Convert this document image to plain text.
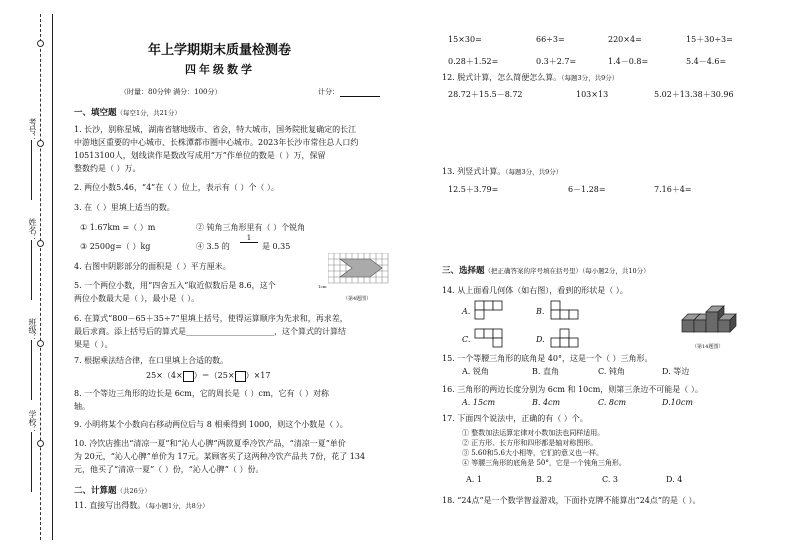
考号：
姓名：
班级：
学校：
年上学期期末质量检测卷
四年级数学
（时量：80分钟 满分：100分）	计分：
一、填空题（每空1分，共21分）
1. 长沙，别称星城，湖南省辖地级市、省会，特大城市，国务院批复确定的长江
中游地区重要的中心城市、长株潭都市圈中心城市。2023年长沙市常住总人口约
10513100人，划线读作是数改写成用“万”作单位的数是（ ）万，保留
整数约是（ ）万。
2. 两位小数5.46，“4”在（ ）位上，表示有（ ）个（ ）。
3. 在（ ）里填上适当的数。
① 1.67km =（ ）m	② 钝角三角形里有（ ）个锐角
③ 2500g=（ ）kg	④ 3.5 的
1
是 0.35
4. 右图中阴影部分的面积是（ ）平方厘米。
1cm
（第4题图）
5. 一个两位小数，用“四舍五入”取近似数后是 8.6，这个
两位小数最大是（ ），最小是（ ）。
6. 在算式“800－65＋35÷7”里填上括号，使得运算顺序为先求和，再求差，
最后求商。添上括号后的算式是______________________，这个算式的计算结
果是（ ）。
7. 根据乘法结合律，在口里填上合适的数。
25×（4× ）＝（25× ）×17
8. 一个等边三角形的边长是 6cm，它的周长是（ ）cm，它有（ ）对称
轴。
9. 小明将某个小数向右移动两位后与 8 相乘得到 1000，则这个小数是（ ）。
10. 冷饮店推出“清凉一夏”和“沁人心脾”两款夏季冷饮产品，“清凉一夏”单价
为 20元，“沁人心脾”单价为 17元。某顾客买了这两种冷饮产品共 7份，花了 134
元，他买了“清凉一夏”（ ）份，“沁人心脾”（ ）份。
二、计算题（共26分）
11. 直接写出得数。（每小题1分，共8分）
15×30=	66÷3=	220×4=	15＋30÷3=
0.28＋1.52=	0.3＋2.7=	1.4－0.8=	5.4－4.6=
12. 脱式计算，怎么简便怎么算。（每题3分，共9分）
28.72＋15.5－8.72	103×13	5.02＋13.38＋30.96
13. 列竖式计算。（每题3分，共9分）
12.5＋3.79=	6－1.28=	7.16＋4=
三、选择题（把正确答案的序号填在括号里）（每小题2分，共10分）
14. 从上面看几何体（如右图），看到的形状是（ ）。
A.	B.
C.	D.
（第14题图）
15. 一个等腰三角形的底角是 40°，这是一个（ ）三角形。
A. 锐角	B. 直角	C. 钝角	D. 等边
16. 三角形的两边长度分别为 6cm 和 10cm，则第三条边不可能是（ ）。
A. 15cm	B. 4cm	C. 8cm	D.10cm
17. 下面四个说法中，正确的有（ ）个。
① 整数加法运算定律对小数加法也同样适用。
② 正方形、长方形和四形都是轴对称图形。
③ 5.60和5.6大小相等，它们的意义也一样。
④ 等腰三角形的底角是 50°，它是一个钝角三角形。
A. 1	B. 2	C. 3	D. 4
18. “24点”是一个数学智益游戏，下面扑克牌不能算出“24点”的是（ ）。
